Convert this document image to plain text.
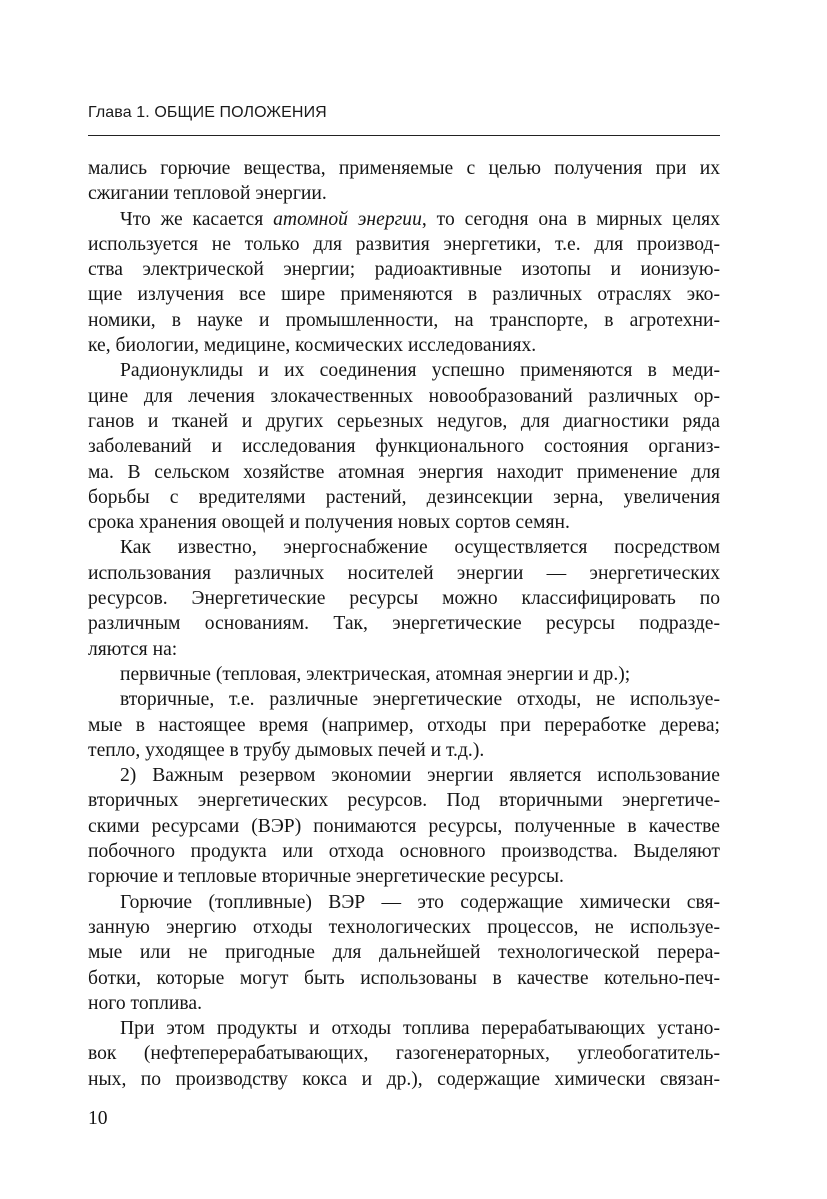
Глава 1. ОБЩИЕ ПОЛОЖЕНИЯ
мались горючие вещества, применяемые с целью получения при их
сжигании тепловой энергии.
Что же касается атомной энергии, то сегодня она в мирных целях
используется не только для развития энергетики, т.е. для производ-
ства электрической энергии; радиоактивные изотопы и ионизую-
щие излучения все шире применяются в различных отраслях эко-
номики, в науке и промышленности, на транспорте, в агротехни-
ке, биологии, медицине, космических исследованиях.
Радионуклиды и их соединения успешно применяются в меди-
цине для лечения злокачественных новообразований различных ор-
ганов и тканей и других серьезных недугов, для диагностики ряда
заболеваний и исследования функционального состояния организ-
ма. В сельском хозяйстве атомная энергия находит применение для
борьбы с вредителями растений, дезинсекции зерна, увеличения
срока хранения овощей и получения новых сортов семян.
Как известно, энергоснабжение осуществляется посредством
использования различных носителей энергии — энергетических
ресурсов. Энергетические ресурсы можно классифицировать по
различным основаниям. Так, энергетические ресурсы подразде-
ляются на:
первичные (тепловая, электрическая, атомная энергии и др.);
вторичные, т.е. различные энергетические отходы, не используе-
мые в настоящее время (например, отходы при переработке дерева;
тепло, уходящее в трубу дымовых печей и т.д.).
2) Важным резервом экономии энергии является использование
вторичных энергетических ресурсов. Под вторичными энергетиче-
скими ресурсами (ВЭР) понимаются ресурсы, полученные в качестве
побочного продукта или отхода основного производства. Выделяют
горючие и тепловые вторичные энергетические ресурсы.
Горючие (топливные) ВЭР — это содержащие химически свя-
занную энергию отходы технологических процессов, не используе-
мые или не пригодные для дальнейшей технологической перера-
ботки, которые могут быть использованы в качестве котельно-печ-
ного топлива.
При этом продукты и отходы топлива перерабатывающих устано-
вок (нефтеперерабатывающих, газогенераторных, углеобогатитель-
ных, по производству кокса и др.), содержащие химически связан-
10
